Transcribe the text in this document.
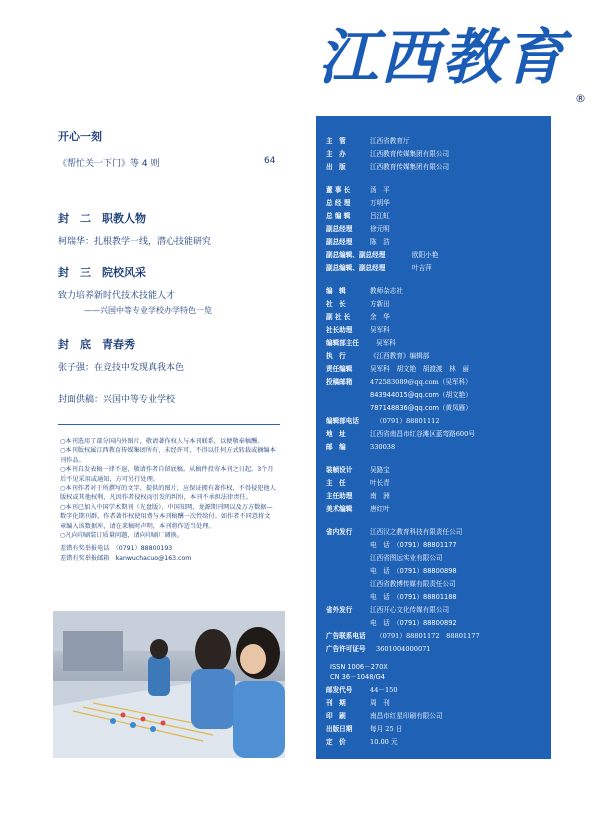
江西教育
®
开心一刻
《帮忙关一下门》等 4 则	64
封　二　职教人物
柯瑞华：扎根教学一线，潜心技能研究
封　三　院校风采
致力培养新时代技术技能人才
——兴国中等专业学校办学特色一览
封　底　青春秀
张子强：在竞技中发现真我本色
封面供稿：兴国中等专业学校
○本刊选用了部分国内外图片，敬请著作权人与本刊联系，以便敬奉稿酬。
○本刊版权属江西教育传媒集团所有，未经许可，不得以任何方式转载或摘编本刊作品。
○本刊自发表稿一律不退，敬请作者自留底稿。从稿件投寄本刊之日起，3个月后不见采用或通知，方可另行处理。
○本刊作者对于所撰写的文字、提供的图片，应保证拥有著作权，不得侵犯他人版权或其他权利，凡因作者侵权而引发的纠纷，本刊不承担法律责任。
○本刊已加入中国学术期刊（光盘版）、中国知网、龙源期刊网以及万方数据—数字化期刊群，作者著作权使用费与本刊稿酬一次性给付。如作者不同意将文章编入该数据库，请在来稿时声明，本刊将作适当处理。
○凡向印刷装订质量问题，请向印刷厂调换。
差错有奖举报电话　（0791）88800193
差错有奖举报邮箱　kanwuchacuo@163.com
主　管	江西省教育厅
主　办	江西教育传媒集团有限公司
出　版	江西教育传媒集团有限公司
董 事 长	汤　平
总 经 理	万明华
总 编 辑	吕江虹
副总经理	徐元明
副总经理	陈　浩
副总编辑、副总经理	欧阳小艳
副总编辑、副总经理	叶吉萍
编　辑	教师杂志社
社　长	方新田
副 社 长	余　华
社长助理	吴军科
编辑部主任	吴军科
执　行	《江西教育》编辑部
责任编辑	吴军科　胡文艳　胡渡渡　林　丽
投稿邮箱	472583089@qq.com（吴军科）
843944015@qq.com（胡文艳）
787148836@qq.com（黄凤雁）
编辑部电话	（0791）88801112
地　址	江西省南昌市红谷滩区蓝弯路600号
邮　编	330038
装帧设计	吴路宝
主　任	叶长青
主任助理	南　洲
美术编辑	唐红叶
省内发行	江西汉之教育科技有限责任公司
电　话　（0791）88801177
江西省图远实业有限公司
电　话　（0791）88800898
江西省教博传媒有限责任公司
电　话　（0791）88801188
省外发行	江西开心文化传媒有限公司
电　话　（0791）88800892
广告联系电话 （0791）88801172　88801177
广告许可证号 3601004000071
ISSN 1006－270X
CN 36－1048/G4
邮发代号	44－150
刊　期	周　刊
印　刷	南昌市红星印刷有限公司
出版日期	每月 25 日
定　价	10.00 元
